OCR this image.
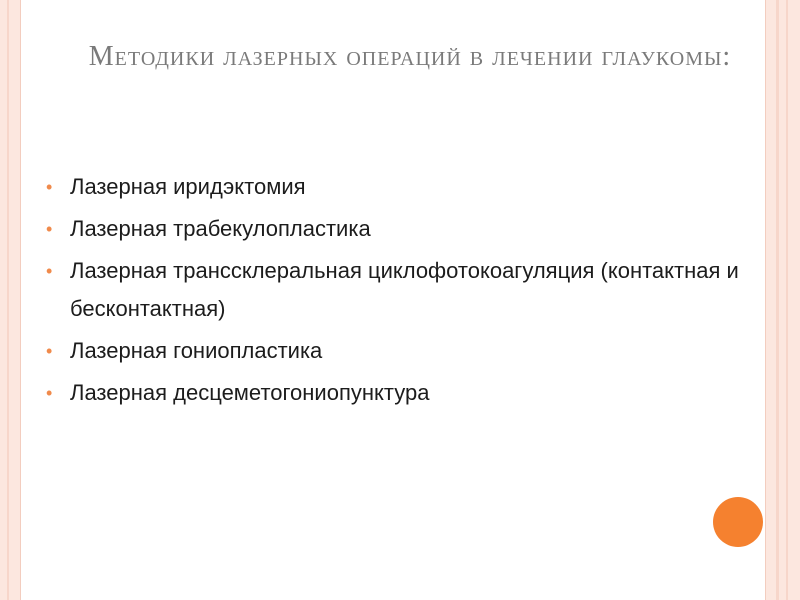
Методики лазерных операций в лечении глаукомы:
• Лазерная иридэктомия
• Лазерная трабекулопластика
• Лазерная транссклеральная циклофотокоагуляция (контактная и бесконтактная)
• Лазерная гониопластика
• Лазерная десцеметогониопунктура
